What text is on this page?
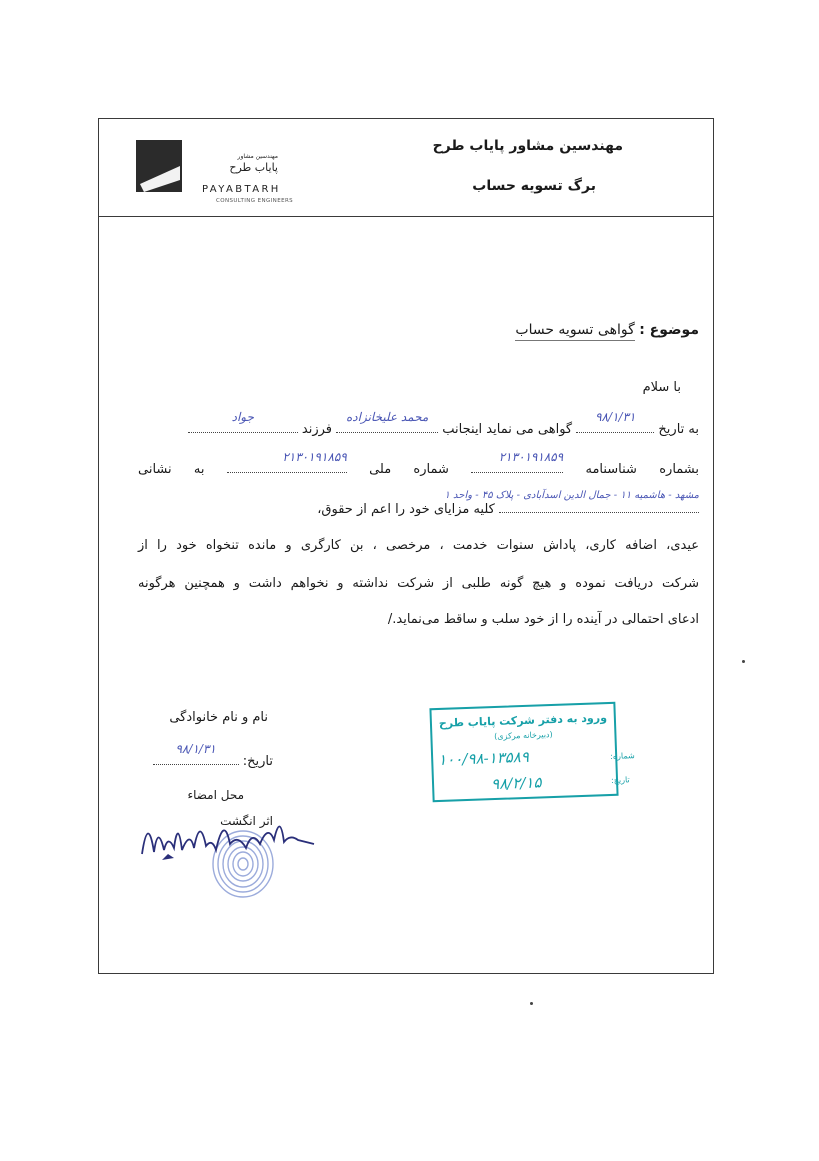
مهندسین مشاور
پایاب طرح
PAYABTARH
CONSULTING ENGINEERS
مهندسین مشاور پایاب طرح
برگ تسویه حساب
موضوع : گواهی تسویه حساب
با سلام
به تاریخ
۹۸/۱/۳۱
گواهی می نماید اینجانب
محمد علیخانزاده
فرزند
جواد
بشماره شناسنامه
۲۱۳۰۱۹۱۸۵۹
شماره ملی
۲۱۳۰۱۹۱۸۵۹
به نشانی
مشهد - هاشمیه ۱۱ - جمال الدین اسدآبادی - پلاک ۴۵ - واحد ۱
کلیه مزایای خود را اعم از حقوق،
عیدی، اضافه کاری، پاداش سنوات خدمت ، مرخصی ، بن کارگری و مانده تنخواه خود را از
شرکت دریافت نموده و هیچ گونه طلبی از شرکت نداشته و نخواهم داشت و همچنین هرگونه
ادعای احتمالی در آینده را از خود سلب و ساقط می‌نماید./
نام و نام خانوادگی
تاریخ:
۹۸/۱/۳۱
محل امضاء
اثر انگشت
ورود به دفتر شرکت پایاب طرح
(دبیرخانه مرکزی)
شماره:
۱۰۰/۹۸-۱۳۵۸۹
تاریخ:
۹۸/۲/۱۵
